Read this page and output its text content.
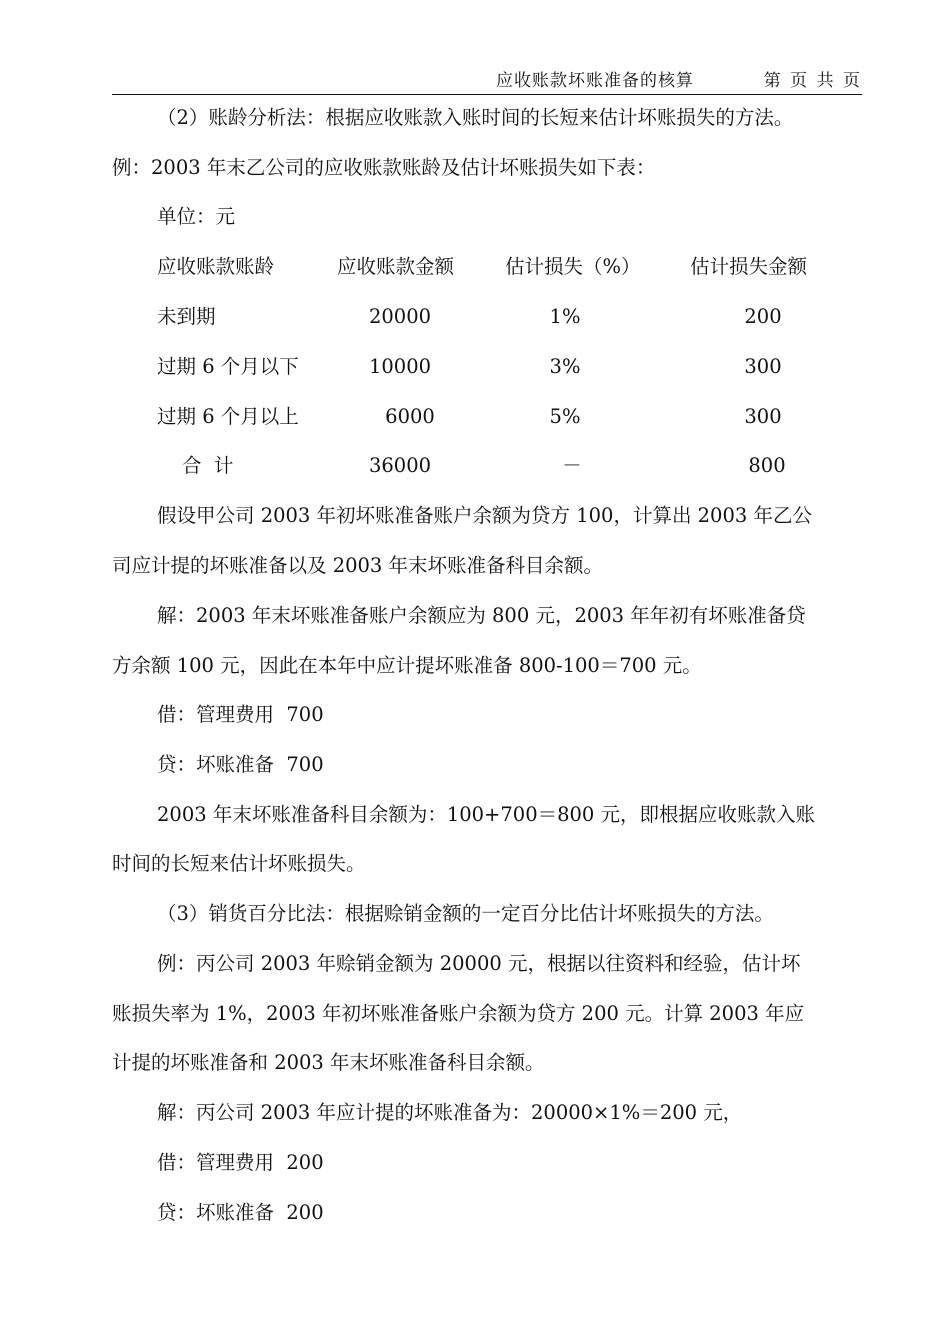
应收账款坏账准备的核算	第 页 共 页
（2）账龄分析法：根据应收账款入账时间的长短来估计坏账损失的方法。
例：2003 年末乙公司的应收账款账龄及估计坏账损失如下表：
单位：元
应收账款账龄	应收账款金额	估计损失（%）	估计损失金额
未到期	20000	1%	200
过期 6 个月以下	10000	3%	300
过期 6 个月以上	6000	5%	300
合  计	36000	－	800
假设甲公司 2003 年初坏账准备账户余额为贷方 100，计算出 2003 年乙公
司应计提的坏账准备以及 2003 年末坏账准备科目余额。
解：2003 年末坏账准备账户余额应为 800 元，2003 年年初有坏账准备贷
方余额 100 元，因此在本年中应计提坏账准备 800-100＝700 元。
借：管理费用  700
贷：坏账准备  700
2003 年末坏账准备科目余额为：100+700＝800 元，即根据应收账款入账
时间的长短来估计坏账损失。
（3）销货百分比法：根据赊销金额的一定百分比估计坏账损失的方法。
例：丙公司 2003 年赊销金额为 20000 元，根据以往资料和经验，估计坏
账损失率为 1%，2003 年初坏账准备账户余额为贷方 200 元。计算 2003 年应
计提的坏账准备和 2003 年末坏账准备科目余额。
解：丙公司 2003 年应计提的坏账准备为：20000×1%＝200 元，
借：管理费用  200
贷：坏账准备  200
